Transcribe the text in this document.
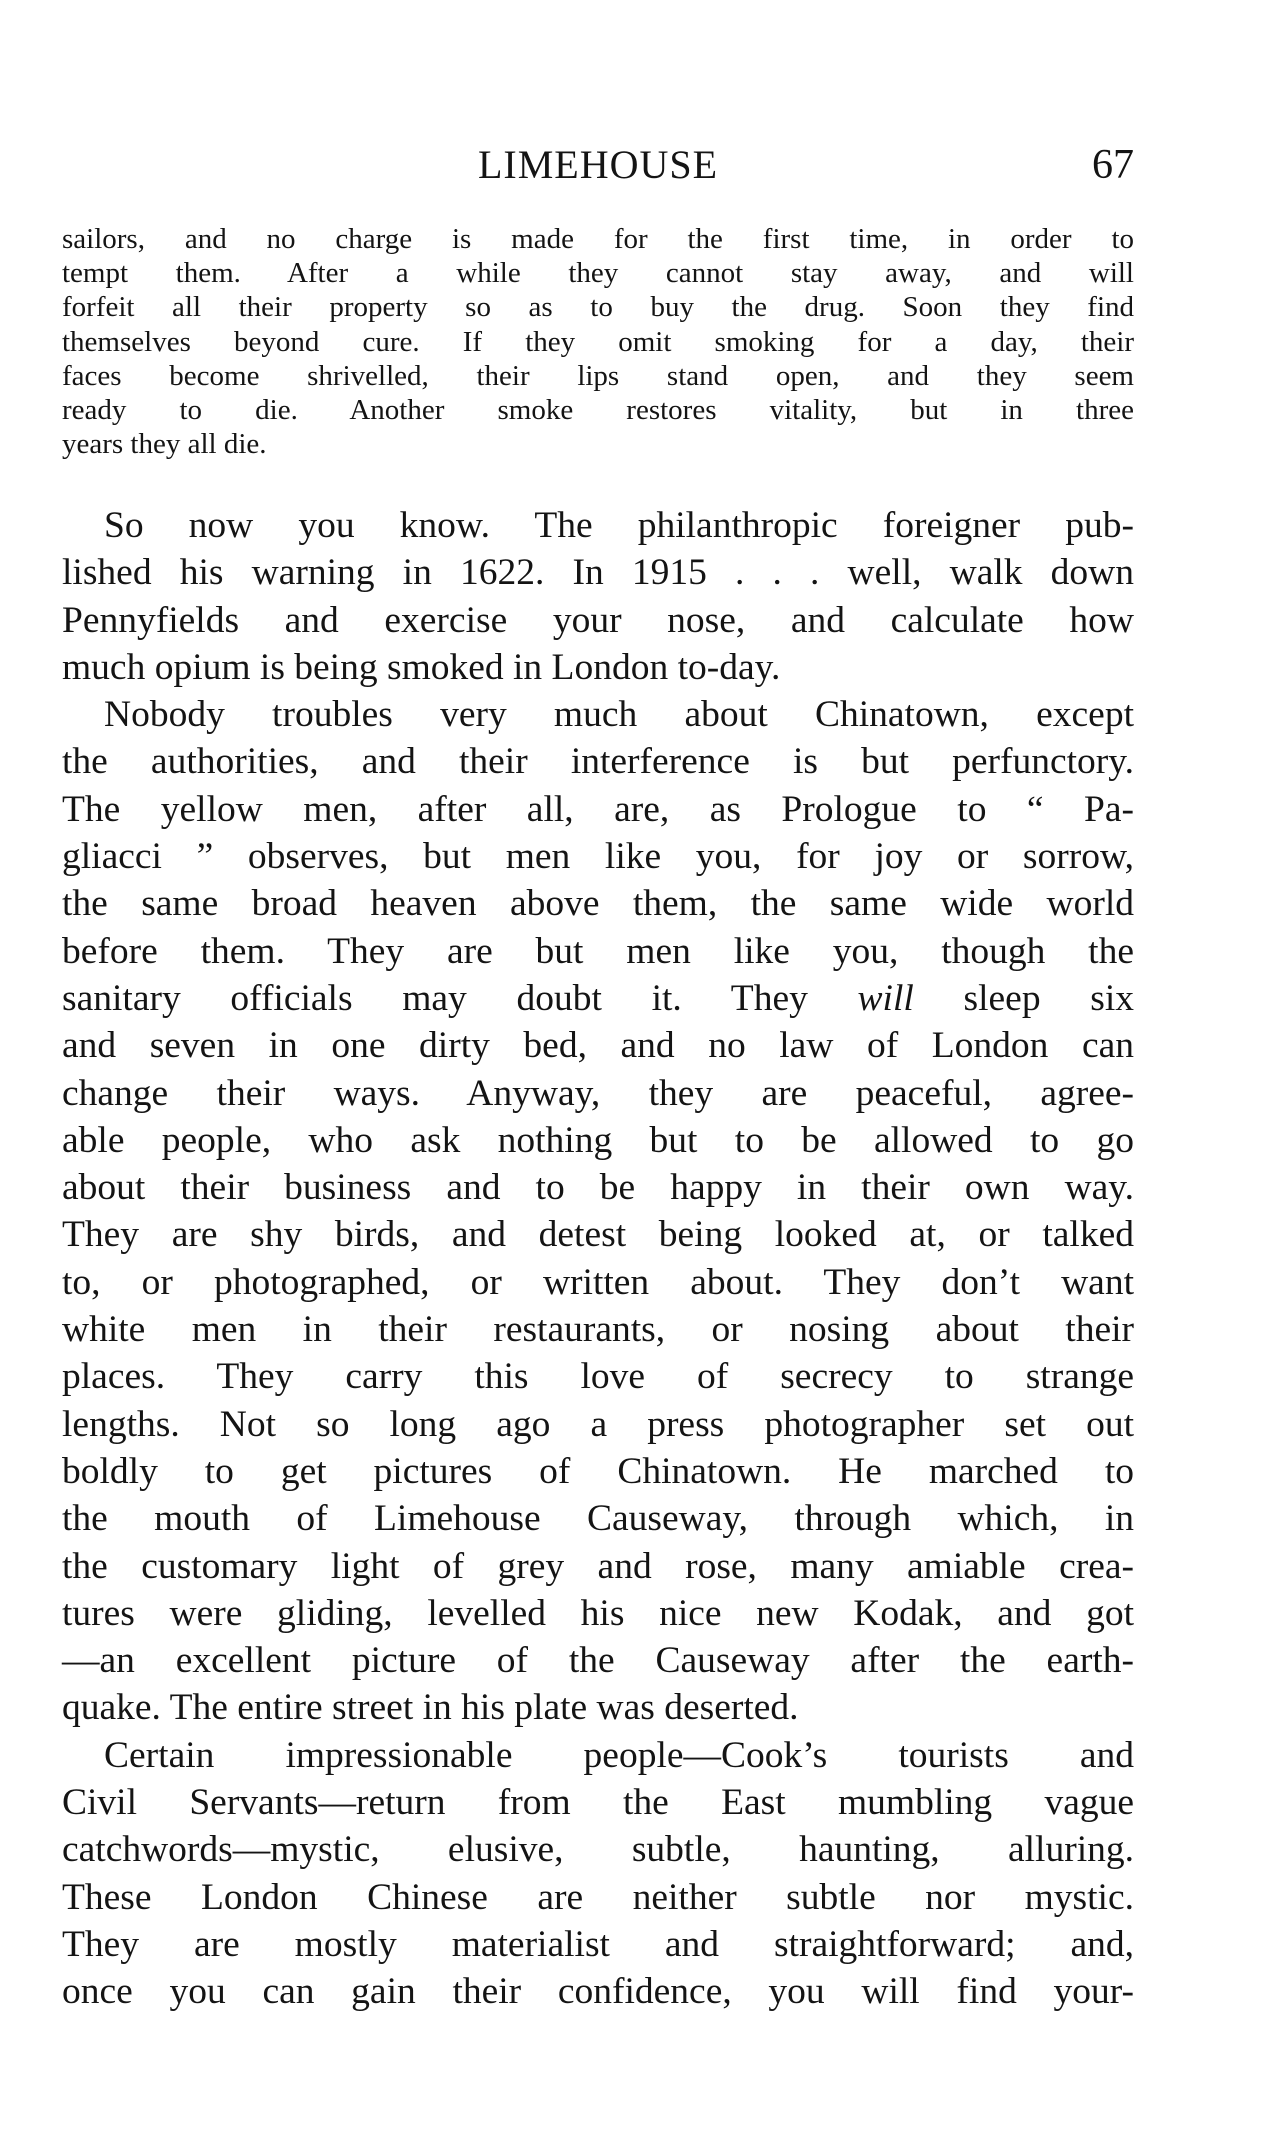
LIMEHOUSE	67
sailors, and no charge is made for the first time, in order to
tempt them. After a while they cannot stay away, and will
forfeit all their property so as to buy the drug. Soon they find
themselves beyond cure. If they omit smoking for a day, their
faces become shrivelled, their lips stand open, and they seem
ready to die. Another smoke restores vitality, but in three
years they all die.

So now you know. The philanthropic foreigner pub-
lished his warning in 1622. In 1915 . . . well, walk down
Pennyfields and exercise your nose, and calculate how
much opium is being smoked in London to-day.

Nobody troubles very much about Chinatown, except
the authorities, and their interference is but perfunctory.
The yellow men, after all, are, as Prologue to “ Pa-
gliacci ” observes, but men like you, for joy or sorrow,
the same broad heaven above them, the same wide world
before them. They are but men like you, though the
sanitary officials may doubt it. They will sleep six
and seven in one dirty bed, and no law of London can
change their ways. Anyway, they are peaceful, agree-
able people, who ask nothing but to be allowed to go
about their business and to be happy in their own way.
They are shy birds, and detest being looked at, or talked
to, or photographed, or written about. They don’t want
white men in their restaurants, or nosing about their
places. They carry this love of secrecy to strange
lengths. Not so long ago a press photographer set out
boldly to get pictures of Chinatown. He marched to
the mouth of Limehouse Causeway, through which, in
the customary light of grey and rose, many amiable crea-
tures were gliding, levelled his nice new Kodak, and got
—an excellent picture of the Causeway after the earth-
quake. The entire street in his plate was deserted.

Certain impressionable people—Cook’s tourists and
Civil Servants—return from the East mumbling vague
catchwords—mystic, elusive, subtle, haunting, alluring.
These London Chinese are neither subtle nor mystic.
They are mostly materialist and straightforward; and,
once you can gain their confidence, you will find your-
